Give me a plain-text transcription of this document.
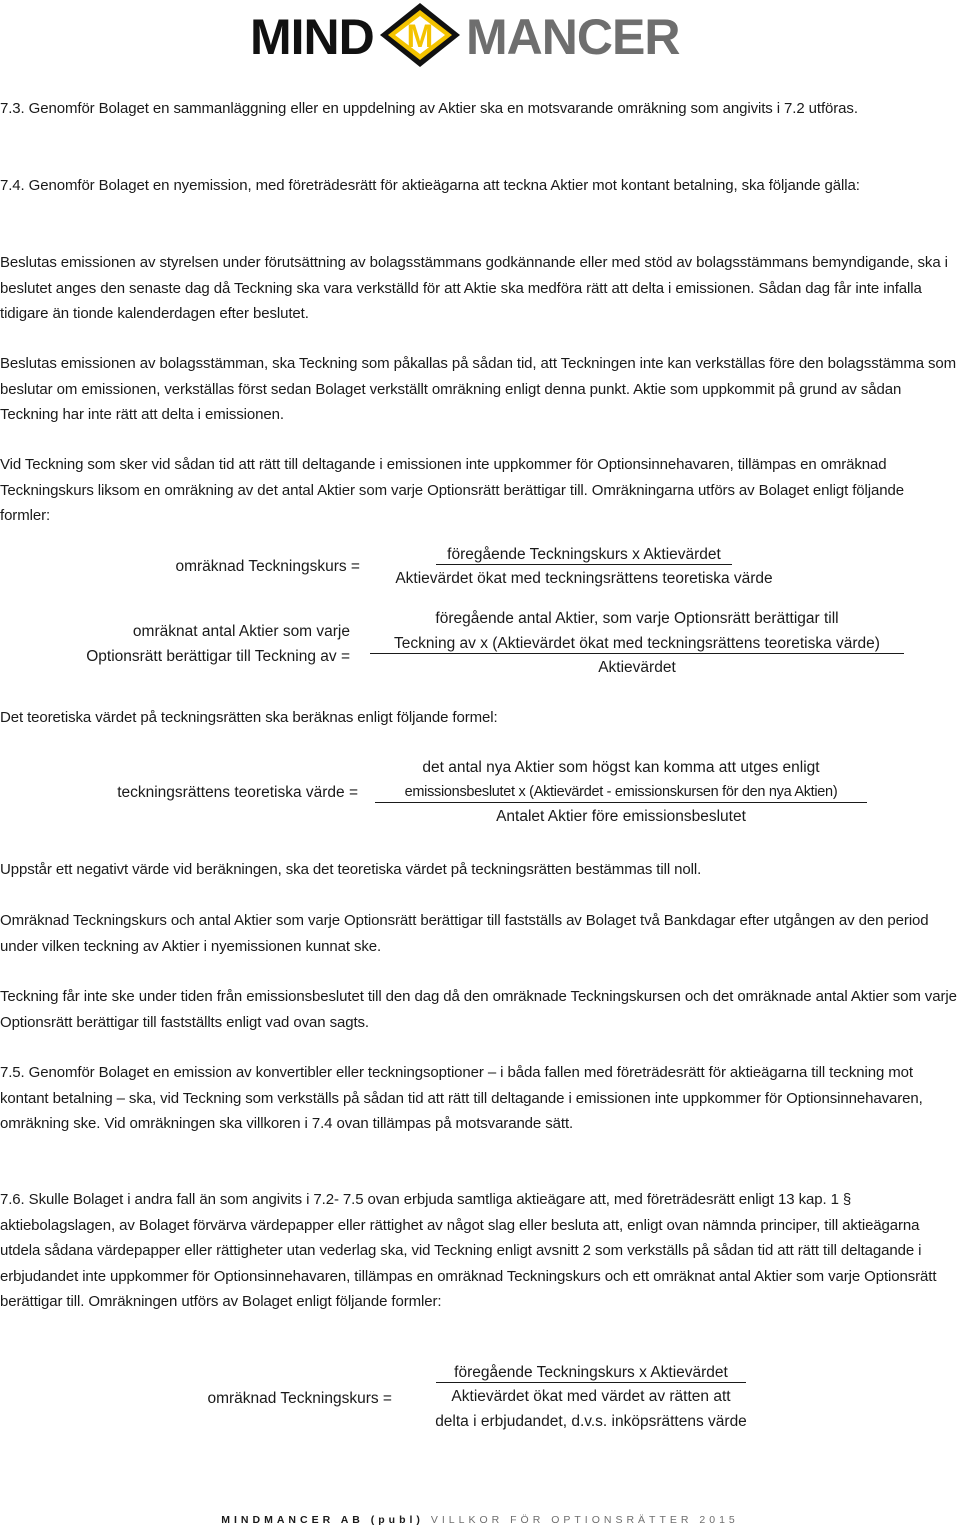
MIND M MANCER

7.3. Genomför Bolaget en sammanläggning eller en uppdelning av Aktier ska en motsvarande omräkning som angivits i 7.2 utföras.

7.4. Genomför Bolaget en nyemission, med företrädesrätt för aktieägarna att teckna Aktier mot kontant betalning, ska följande gälla:

Beslutas emissionen av styrelsen under förutsättning av bolagsstämmans godkännande eller med stöd av bolagsstämmans bemyndigande, ska i beslutet anges den senaste dag då Teckning ska vara verkställd för att Aktie ska medföra rätt att delta i emissionen. Sådan dag får inte infalla tidigare än tionde kalenderdagen efter beslutet.

Beslutas emissionen av bolagsstämman, ska Teckning som påkallas på sådan tid, att Teckningen inte kan verkställas före den bolagsstämma som beslutar om emissionen, verkställas först sedan Bolaget verkställt omräkning enligt denna punkt. Aktie som uppkommit på grund av sådan Teckning har inte rätt att delta i emissionen.

Vid Teckning som sker vid sådan tid att rätt till deltagande i emissionen inte uppkommer för Optionsinnehavaren, tillämpas en omräknad Teckningskurs liksom en omräkning av det antal Aktier som varje Optionsrätt berättigar till. Omräkningarna utförs av Bolaget enligt följande formler:

omräknad Teckningskurs =
föregående Teckningskurs x Aktievärdet
Aktievärdet ökat med teckningsrättens teoretiska värde
omräknat antal Aktier som varje
Optionsrätt berättigar till Teckning av =
föregående antal Aktier, som varje Optionsrätt berättigar till
Teckning av x (Aktievärdet ökat med teckningsrättens teoretiska värde)
Aktievärdet

Det teoretiska värdet på teckningsrätten ska beräknas enligt följande formel:

teckningsrättens teoretiska värde =
det antal nya Aktier som högst kan komma att utges enligt
emissionsbeslutet x (Aktievärdet - emissionskursen för den nya Aktien)
Antalet Aktier före emissionsbeslutet

Uppstår ett negativt värde vid beräkningen, ska det teoretiska värdet på teckningsrätten bestämmas till noll.

Omräknad Teckningskurs och antal Aktier som varje Optionsrätt berättigar till fastställs av Bolaget två Bankdagar efter utgången av den period under vilken teckning av Aktier i nyemissionen kunnat ske.

Teckning får inte ske under tiden från emissionsbeslutet till den dag då den omräknade Teckningskursen och det omräknade antal Aktier som varje Optionsrätt berättigar till fastställts enligt vad ovan sagts.

7.5. Genomför Bolaget en emission av konvertibler eller teckningsoptioner – i båda fallen med företrädesrätt för aktieägarna till teckning mot kontant betalning – ska, vid Teckning som verkställs på sådan tid att rätt till deltagande i emissionen inte uppkommer för Optionsinnehavaren, omräkning ske. Vid omräkningen ska villkoren i 7.4 ovan tillämpas på motsvarande sätt.

7.6. Skulle Bolaget i andra fall än som angivits i 7.2- 7.5 ovan erbjuda samtliga aktieägare att, med företrädesrätt enligt 13 kap. 1 § aktiebolagslagen, av Bolaget förvärva värdepapper eller rättighet av något slag eller besluta att, enligt ovan nämnda principer, till aktieägarna utdela sådana värdepapper eller rättigheter utan vederlag ska, vid Teckning enligt avsnitt 2 som verkställs på sådan tid att rätt till deltagande i erbjudandet inte uppkommer för Optionsinnehavaren, tillämpas en omräknad Teckningskurs och ett omräknat antal Aktier som varje Optionsrätt berättigar till. Omräkningen utförs av Bolaget enligt följande formler:

omräknad Teckningskurs =
föregående Teckningskurs x Aktievärdet
Aktievärdet ökat med värdet av rätten att
delta i erbjudandet, d.v.s. inköpsrättens värde
MINDMANCER AB (publ) VILLKOR FÖR OPTIONSRÄTTER 2015
